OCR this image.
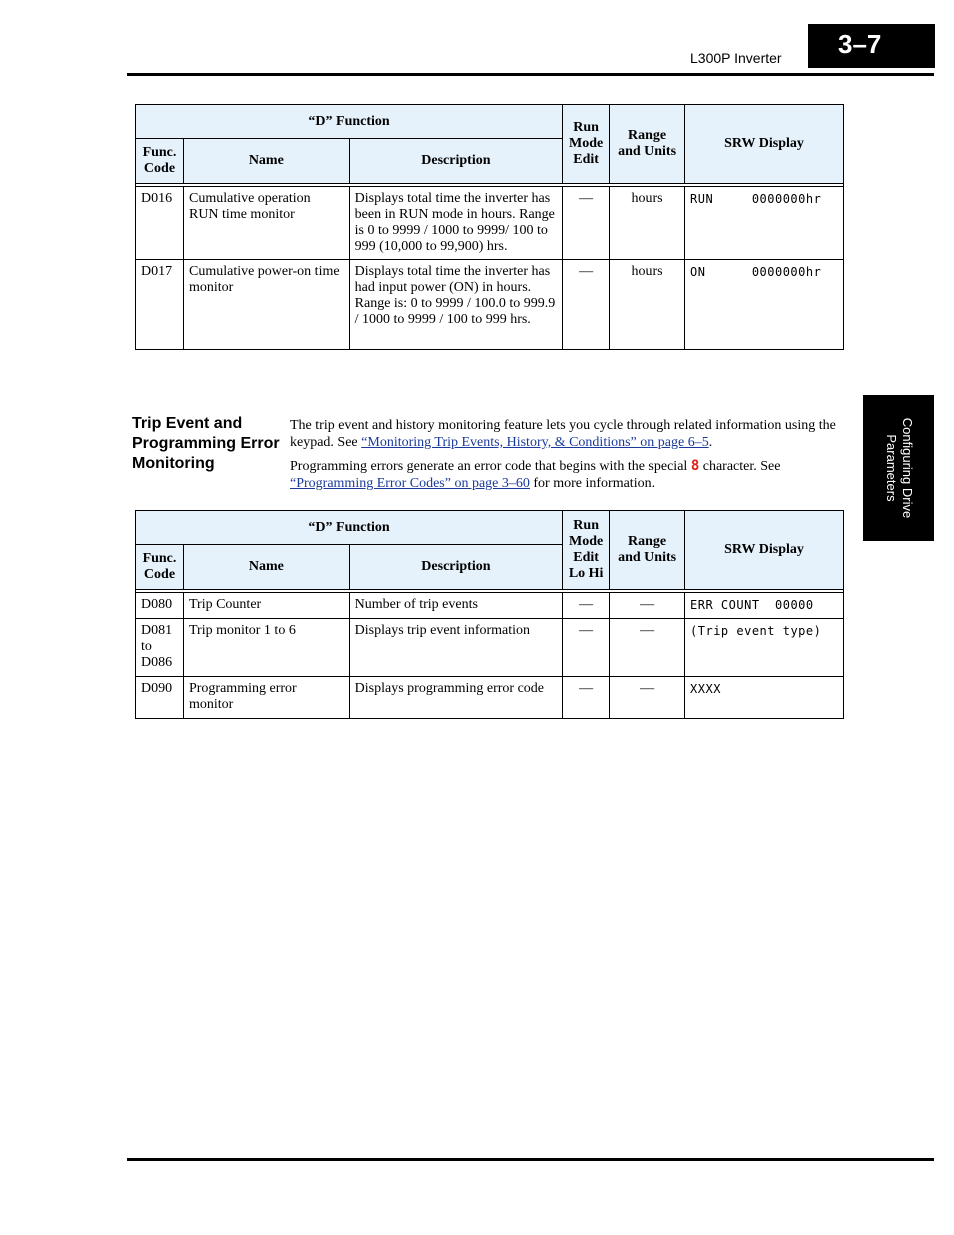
L300P Inverter	3–7
Configuring Drive
Parameters
“D” Function			Run Mode Edit	Range and Units	SRW Display
Func. Code	Name	Description			

D016	Cumulative operation RUN time monitor	Displays total time the inverter has been in RUN mode in hours. Range is 0 to 9999 / 1000 to 9999/ 100 to 999 (10,000 to 99,900) hrs.	—	hours	RUN     0000000hr
D017	Cumulative power-on time monitor	Displays total time the inverter has had input power (ON) in hours. Range is: 0 to 9999 / 100.0 to 999.9 / 1000 to 9999 / 100 to 999 hrs.	—	hours	ON      0000000hr
Trip Event and Programming Error Monitoring

The trip event and history monitoring feature lets you cycle through related information using the keypad. See “Monitoring Trip Events, History, & Conditions” on page 6–5.

Programming errors generate an error code that begins with the special 8 character. See “Programming Error Codes” on page 3–60 for more information.

“D” Function			Run Mode Edit Lo Hi	Range and Units	SRW Display
Func. Code	Name	Description			

D080	Trip Counter	Number of trip events	—	—	ERR COUNT  00000
D081 to D086	Trip monitor 1 to 6	Displays trip event information	—	—	(Trip event type)
D090	Programming error monitor	Displays programming error code	—	—	XXXX
